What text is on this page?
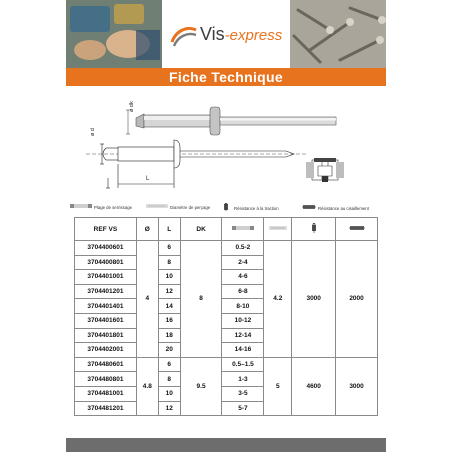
Vis-express
Fiche Technique
ø dk
ø d
L
Plage de serrissage	Diamètre de perçage	Résistance à la traction	Résistance au cisaillement
REF VS	Ø	L	DK				
3704400601	4	6	8	0.5-2	4.2	3000	2000
3704400801		8		2-4			
3704401001		10		4-6			
3704401201		12		6-8			
3704401401		14		8-10			
3704401601		16		10-12			
3704401801		18		12-14			
3704402001		20		14-16			
3704480601	4.8	6	9.5	0.5–1.5	5	4600	3000
3704480801		8		1-3			
3704481001		10		3-5			
3704481201		12		5-7			
